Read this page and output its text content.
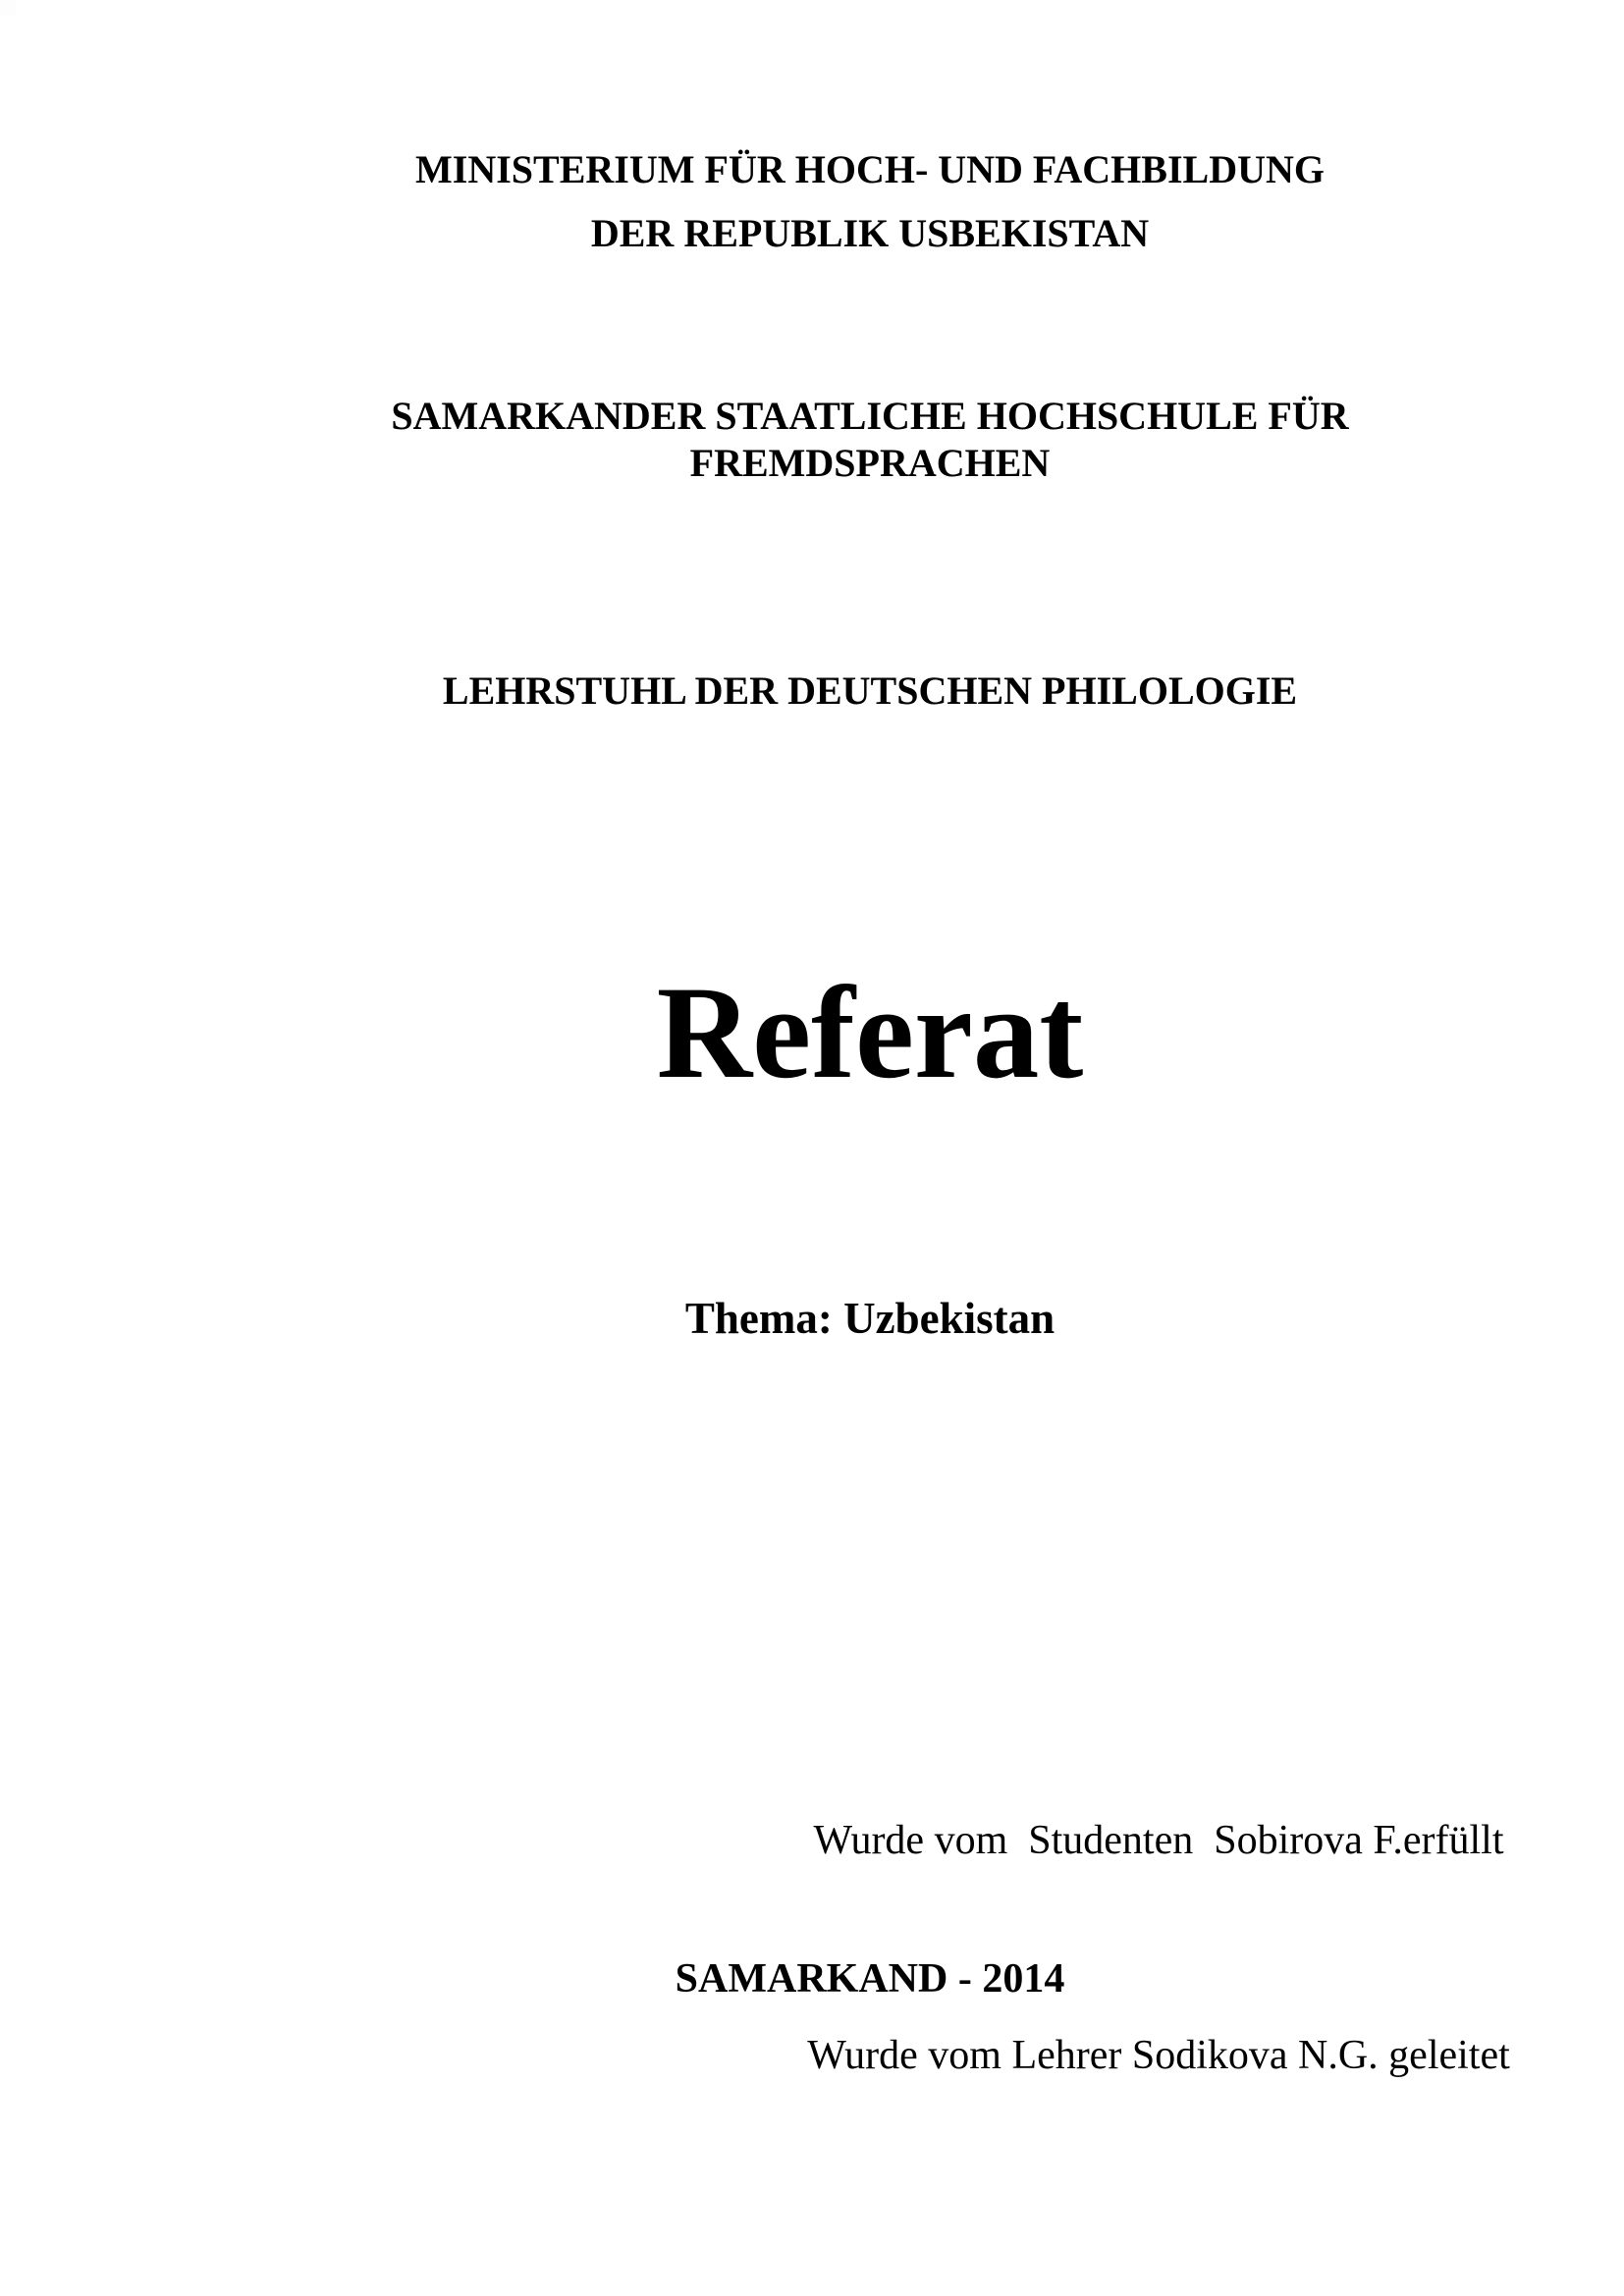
MINISTERIUM FÜR HOCH- UND FACHBILDUNG
DER REPUBLIK USBEKISTAN
SAMARKANDER STAATLICHE HOCHSCHULE FÜR
FREMDSPRACHEN
LEHRSTUHL DER DEUTSCHEN PHILOLOGIE
Referat
Thema: Uzbekistan

Wurde vom  Studenten  Sobirova F.erfüllt

Wurde vom Lehrer Sodikova N.G. geleitet

SAMARKAND - 2014
